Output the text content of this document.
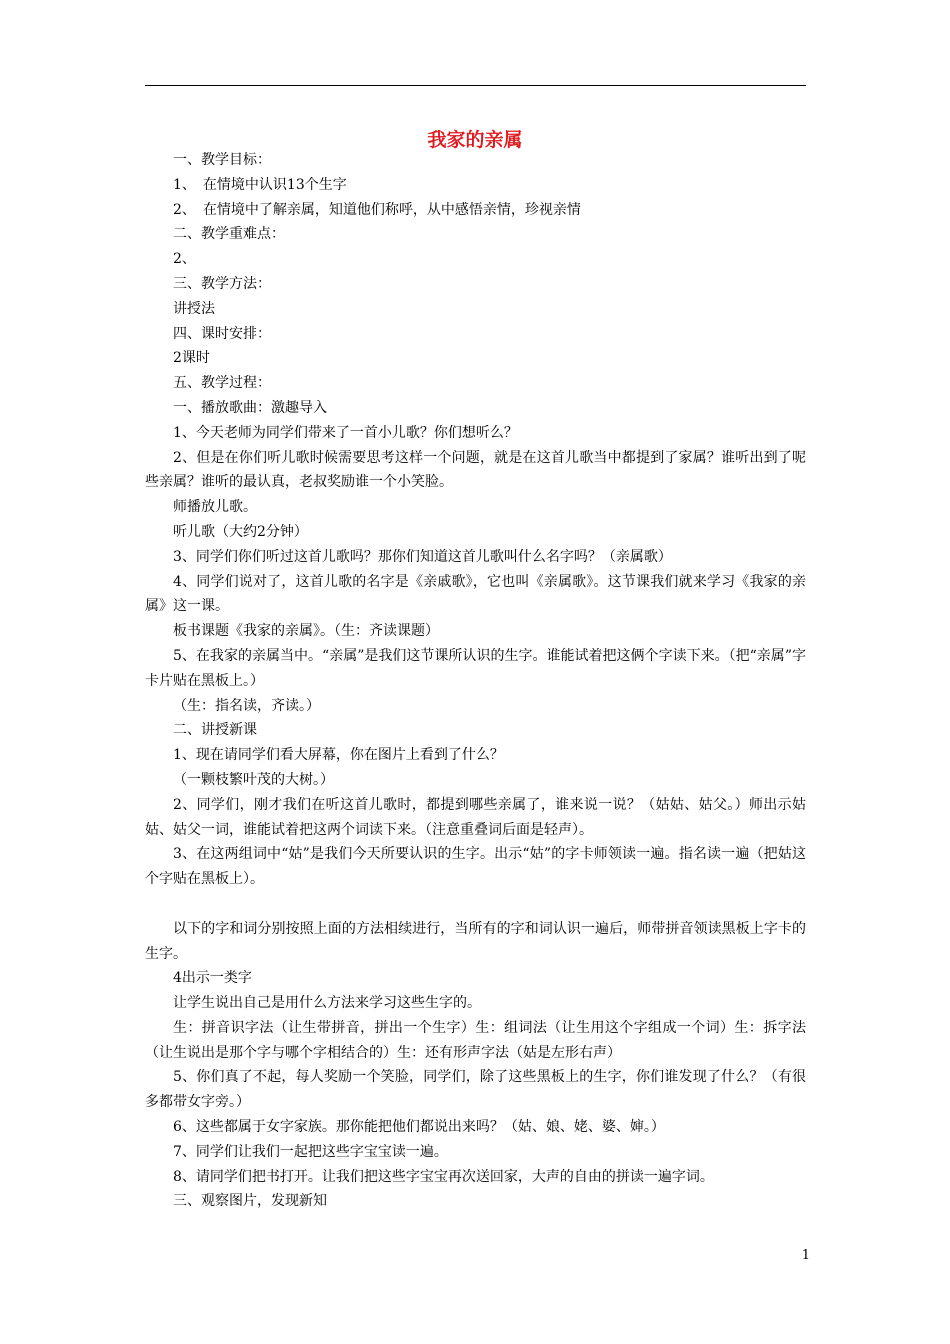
我家的亲属

一、教学目标：

1、　在情境中认识13个生字

2、　在情境中了解亲属，知道他们称呼，从中感悟亲情，珍视亲情

二、教学重难点：

2、

三、教学方法：

讲授法

四、课时安排：

2课时

五、教学过程：

一、播放歌曲：激趣导入

1、今天老师为同学们带来了一首小儿歌？你们想听么？

2、但是在你们听儿歌时候需要思考这样一个问题，就是在这首儿歌当中都提到了家属？谁听出到了呢些亲属？谁听的最认真，老叔奖励谁一个小笑脸。

师播放儿歌。

听儿歌（大约2分钟）

3、同学们你们听过这首儿歌吗？那你们知道这首儿歌叫什么名字吗？（亲属歌）

4、同学们说对了，这首儿歌的名字是《亲戚歌》，它也叫《亲属歌》。这节课我们就来学习《我家的亲属》这一课。

板书课题《我家的亲属》。（生：齐读课题）

5、在我家的亲属当中。“亲属”是我们这节课所认识的生字。谁能试着把这俩个字读下来。（把“亲属”字卡片贴在黑板上。）

（生：指名读，齐读。）

二、讲授新课

1、现在请同学们看大屏幕，你在图片上看到了什么？

（一颗枝繁叶茂的大树。）

2、同学们，刚才我们在听这首儿歌时，都提到哪些亲属了，谁来说一说？（姑姑、姑父。）师出示姑姑、姑父一词，谁能试着把这两个词读下来。（注意重叠词后面是轻声）。

3、在这两组词中“姑”是我们今天所要认识的生字。出示“姑”的字卡师领读一遍。指名读一遍（把姑这个字贴在黑板上）。

以下的字和词分别按照上面的方法相续进行，当所有的字和词认识一遍后，师带拼音领读黑板上字卡的生字。

4出示一类字

让学生说出自己是用什么方法来学习这些生字的。

生：拼音识字法（让生带拼音，拼出一个生字）生：组词法（让生用这个字组成一个词）生：拆字法（让生说出是那个字与哪个字相结合的）生：还有形声字法（姑是左形右声）

5、你们真了不起，每人奖励一个笑脸，同学们，除了这些黑板上的生字，你们谁发现了什么？（有很多都带女字旁。）

6、这些都属于女字家族。那你能把他们都说出来吗？（姑、娘、姥、婆、婶。）

7、同学们让我们一起把这些字宝宝读一遍。

8、请同学们把书打开。让我们把这些字宝宝再次送回家，大声的自由的拼读一遍字词。

三、观察图片，发现新知

1
